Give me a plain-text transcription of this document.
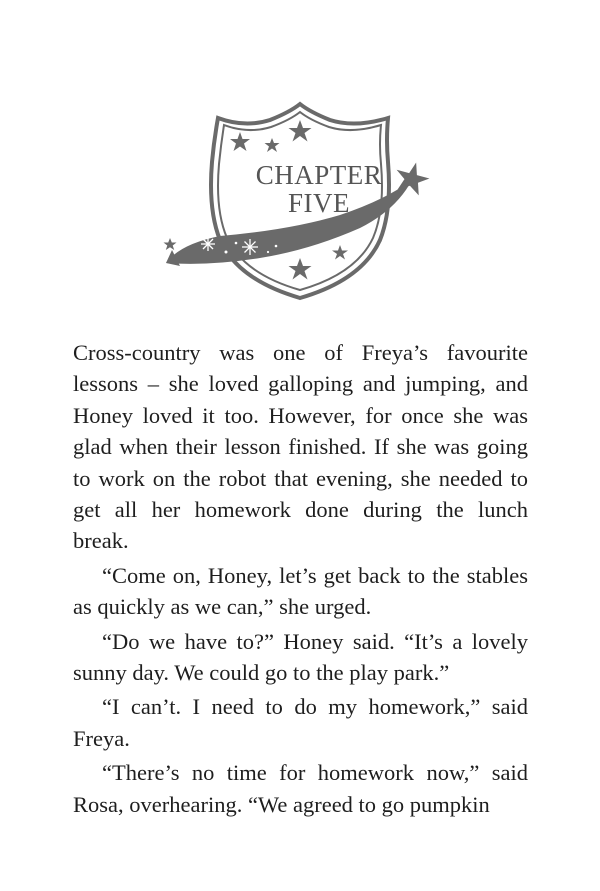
CHAPTER
FIVE

Cross-country was one of Freya’s favourite lessons – she loved galloping and jumping, and Honey loved it too. However, for once she was glad when their lesson finished. If she was going to work on the robot that evening, she needed to get all her homework done during the lunch break.

“Come on, Honey, let’s get back to the stables as quickly as we can,” she urged.

“Do we have to?” Honey said. “It’s a lovely sunny day. We could go to the play park.”

“I can’t. I need to do my homework,” said Freya.

“There’s no time for homework now,” said Rosa, overhearing. “We agreed to go pumpkin
